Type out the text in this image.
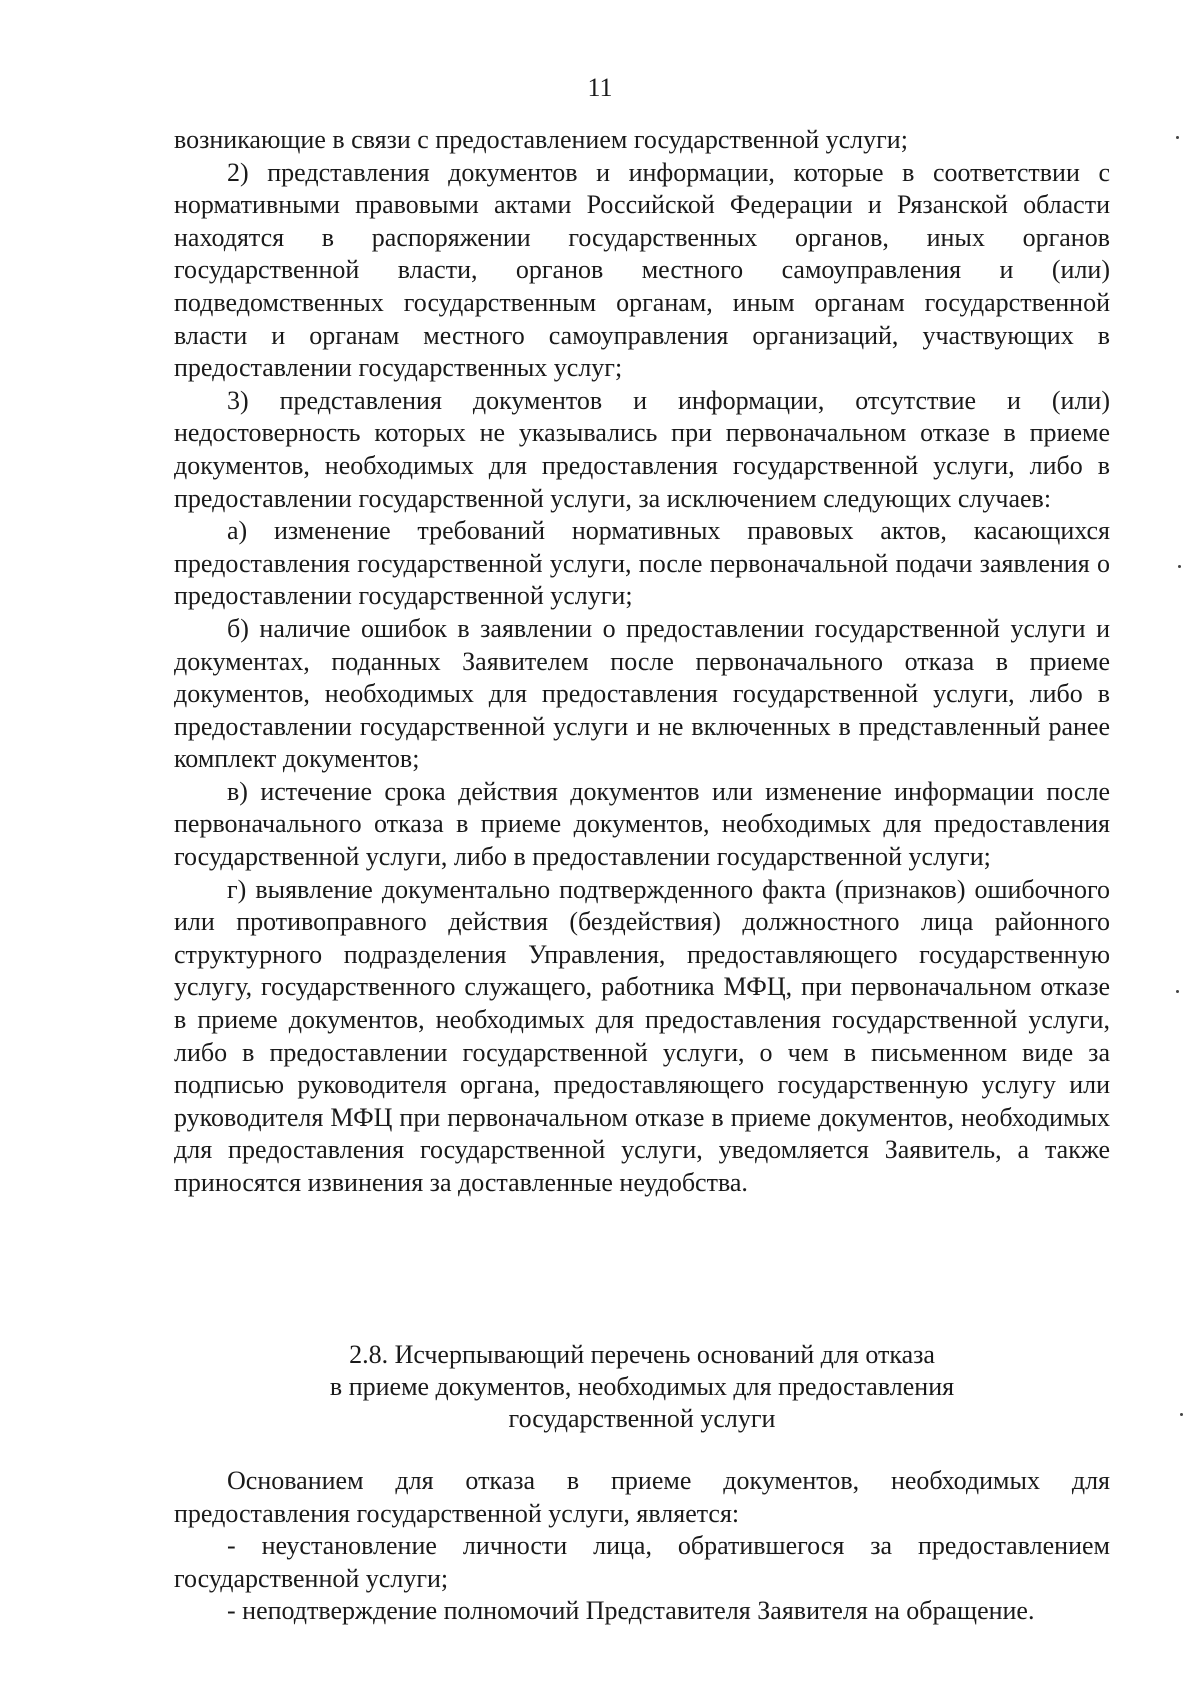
11

возникающие в связи с предоставлением государственной услуги;

2) представления документов и информации, которые в соответствии с нормативными правовыми актами Российской Федерации и Рязанской области находятся в распоряжении государственных органов, иных органов государственной власти, органов местного самоуправления и (или) подведомственных государственным органам, иным органам государственной власти и органам местного самоуправления организаций, участвующих в предоставлении государственных услуг;

3) представления документов и информации, отсутствие и (или) недостоверность которых не указывались при первоначальном отказе в приеме документов, необходимых для предоставления государственной услуги, либо в предоставлении государственной услуги, за исключением следующих случаев:

а) изменение требований нормативных правовых актов, касающихся предоставления государственной услуги, после первоначальной подачи заявления о предоставлении государственной услуги;

б) наличие ошибок в заявлении о предоставлении государственной услуги и документах, поданных Заявителем после первоначального отказа в приеме документов, необходимых для предоставления государственной услуги, либо в предоставлении государственной услуги и не включенных в представленный ранее комплект документов;

в) истечение срока действия документов или изменение информации после первоначального отказа в приеме документов, необходимых для предоставления государственной услуги, либо в предоставлении государственной услуги;

г) выявление документально подтвержденного факта (признаков) ошибочного или противоправного действия (бездействия) должностного лица районного структурного подразделения Управления, предоставляющего государственную услугу, государственного служащего, работника МФЦ, при первоначальном отказе в приеме документов, необходимых для предоставления государственной услуги, либо в предоставлении государственной услуги, о чем в письменном виде за подписью руководителя органа, предоставляющего государственную услугу или руководителя МФЦ при первоначальном отказе в приеме документов, необходимых для предоставления государственной услуги, уведомляется Заявитель, а также приносятся извинения за доставленные неудобства.

2.8. Исчерпывающий перечень оснований для отказа
в приеме документов, необходимых для предоставления
государственной услуги

Основанием для отказа в приеме документов, необходимых для предоставления государственной услуги, является:

- неустановление личности лица, обратившегося за предоставлением государственной услуги;

- неподтверждение полномочий Представителя Заявителя на обращение.
